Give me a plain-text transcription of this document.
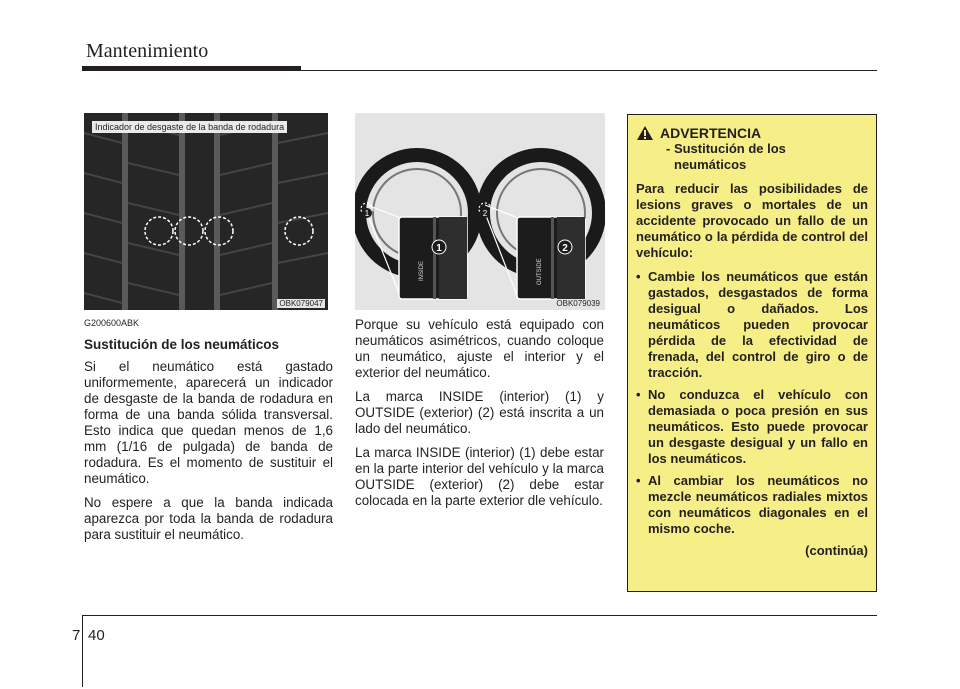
Mantenimiento
Indicador de desgaste de la banda de rodadura
OBK079047
G200600ABK
Sustitución de los neumáticos

Si el neumático está gastado uniformemente, aparecerá un indicador de desgaste de la banda de rodadura en forma de una banda sólida transversal. Esto indica que quedan menos de 1,6 mm (1/16 de pulgada) de banda de rodadura. Es el momento de sustituir el neumático.

No espere a que la banda indicada aparezca por toda la banda de rodadura para sustituir el neumático.

1	2
1	2
INSIDE	OUTSIDE
OBK079039

Porque su vehículo está equipado con neumáticos asimétricos, cuando coloque un neumático, ajuste el interior y el exterior del neumático.

La marca INSIDE (interior) (1) y OUTSIDE (exterior) (2) está inscrita a un lado del neumático.

La marca INSIDE (interior) (1) debe estar en la parte interior del vehículo y la marca OUTSIDE (exterior) (2) debe estar colocada en la parte exterior dle vehículo.

ADVERTENCIA
- Sustitución de los
neumáticos
Para reducir las posibilidades de lesions graves o mortales de un accidente provocado un fallo de un neumático o la pérdida de control del vehículo:
• Cambie los neumáticos que están gastados, desgastados de forma desigual o dañados. Los neumáticos pueden provocar pérdida de la efectividad de frenada, del control de giro o de tracción.
• No conduzca el vehículo con demasiada o poca presión en sus neumáticos. Esto puede provocar un desgaste desigual y un fallo en los neumáticos.
• Al cambiar los neumáticos no mezcle neumáticos radiales mixtos con neumáticos diagonales en el mismo coche.
(continúa)
7 40
